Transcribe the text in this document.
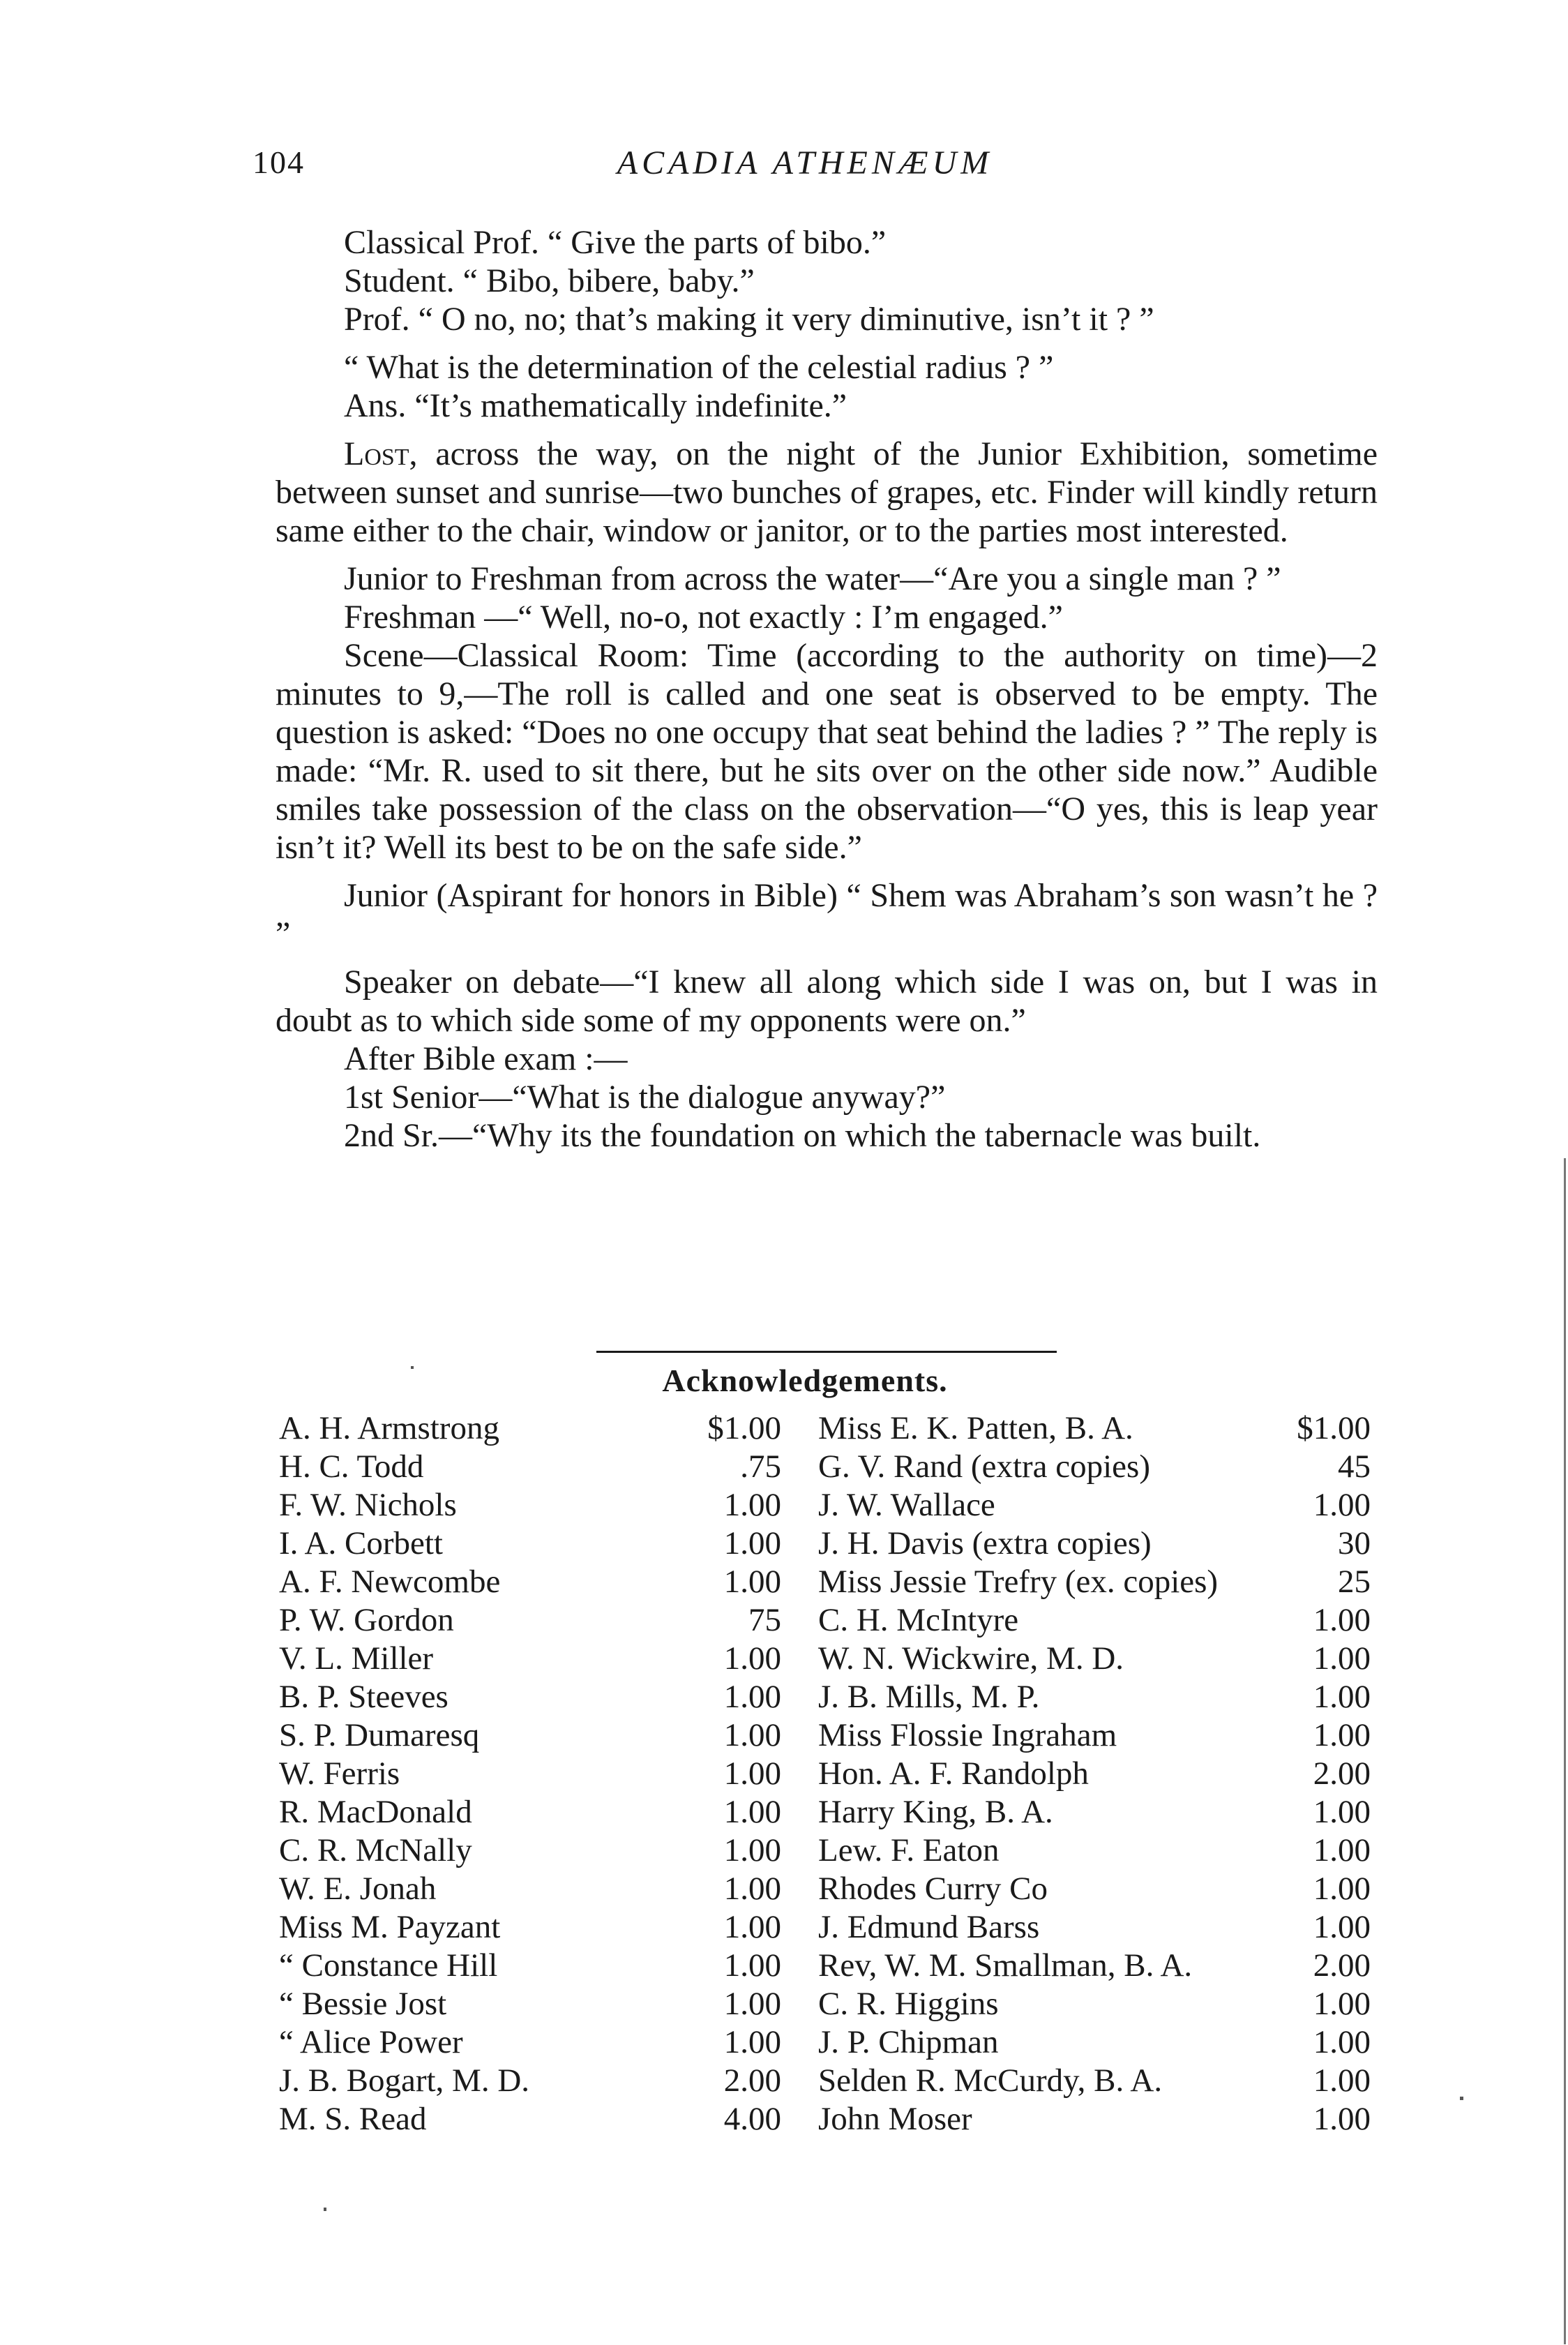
104	ACADIA ATHENÆUM

Classical Prof. “ Give the parts of bibo.”

Student. “ Bibo, bibere, baby.”

Prof. “ O no, no; that’s making it very diminutive, isn’t it ? ”

“ What is the determination of the celestial radius ? ”

Ans. “It’s mathematically indefinite.”

Lost, across the way, on the night of the Junior Exhibition, sometime between sunset and sunrise—two bunches of grapes, etc. Finder will kindly return same either to the chair, window or janitor, or to the parties most interested.

Junior to Freshman from across the water—“Are you a single man ? ”

Freshman —“ Well, no-o, not exactly : I’m engaged.”

Scene—Classical Room: Time (according to the authority on time)—2 minutes to 9,—The roll is called and one seat is observed to be empty. The question is asked: “Does no one occupy that seat behind the ladies ? ” The reply is made: “Mr. R. used to sit there, but he sits over on the other side now.” Audible smiles take possession of the class on the observation—“O yes, this is leap year isn’t it? Well its best to be on the safe side.”

Junior (Aspirant for honors in Bible) “ Shem was Abraham’s son wasn’t he ? ”

Speaker on debate—“I knew all along which side I was on, but I was in doubt as to which side some of my opponents were on.”

After Bible exam :—

1st Senior—“What is the dialogue anyway?”

2nd Sr.—“Why its the foundation on which the tabernacle was built.

Acknowledgements.
A. H. Armstrong	$1.00 Miss E. K. Patten, B. A.	$1.00
H. C. Todd	.75 G. V. Rand (extra copies)	45
F. W. Nichols	1.00 J. W. Wallace	1.00
I. A. Corbett	1.00 J. H. Davis (extra copies)	30
A. F. Newcombe	1.00 Miss Jessie Trefry (ex. copies)	25
P. W. Gordon	75 C. H. McIntyre	1.00
V. L. Miller	1.00 W. N. Wickwire, M. D.	1.00
B. P. Steeves	1.00 J. B. Mills, M. P.	1.00
S. P. Dumaresq	1.00 Miss Flossie Ingraham	1.00
W. Ferris	1.00 Hon. A. F. Randolph	2.00
R. MacDonald	1.00 Harry King, B. A.	1.00
C. R. McNally	1.00 Lew. F. Eaton	1.00
W. E. Jonah	1.00 Rhodes Curry Co	1.00
Miss M. Payzant	1.00 J. Edmund Barss	1.00
“ Constance Hill	1.00 Rev, W. M. Smallman, B. A.	2.00
“ Bessie Jost	1.00 C. R. Higgins	1.00
“ Alice Power	1.00 J. P. Chipman	1.00
J. B. Bogart, M. D.	2.00 Selden R. McCurdy, B. A.	1.00
M. S. Read	4.00 John Moser	1.00
